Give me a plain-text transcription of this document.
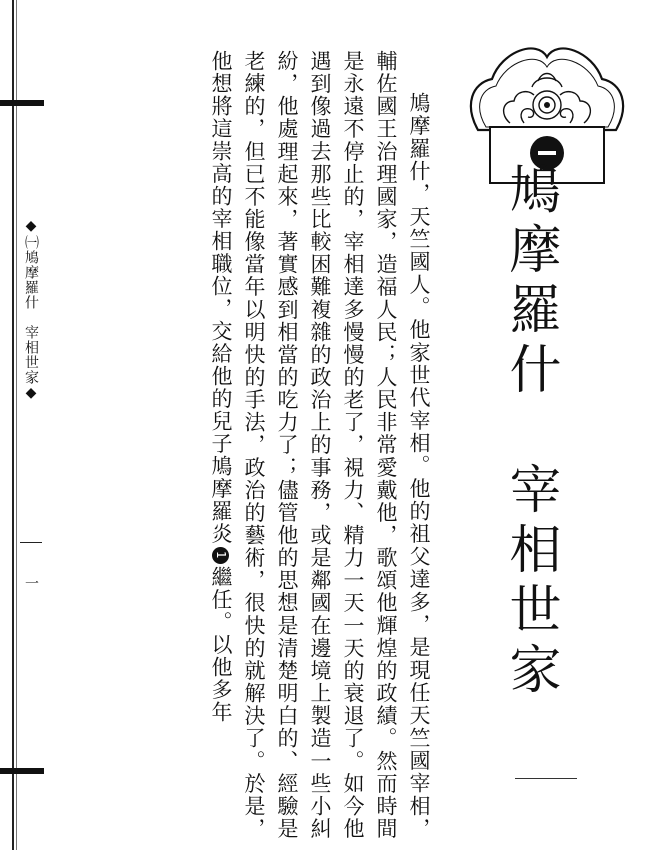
◆㈠鳩摩羅什　宰相世家◆
一	鳩摩羅什，天竺國人。他家世代宰相。他的祖父達多，是現任天竺國宰相，輔佐國王治理國家，造福人民；人民非常愛戴他，歌頌他輝煌的政績。然而時間是永遠不停止的，宰相達多慢慢的老了，視力、精力一天一天的衰退了。如今他遇到像過去那些比較困難複雜的政治上的事務，或是鄰國在邊境上製造一些小糾紛，他處理起來，著實感到相當的吃力了；儘管他的思想是清楚明白的、經驗是老練的，但已不能像當年以明快的手法，政治的藝術，很快的就解決了。於是，他想將這崇高的宰相職位，交給他的兒子鳩摩羅炎1繼任。以他多年	鳩摩羅什　宰相世家
